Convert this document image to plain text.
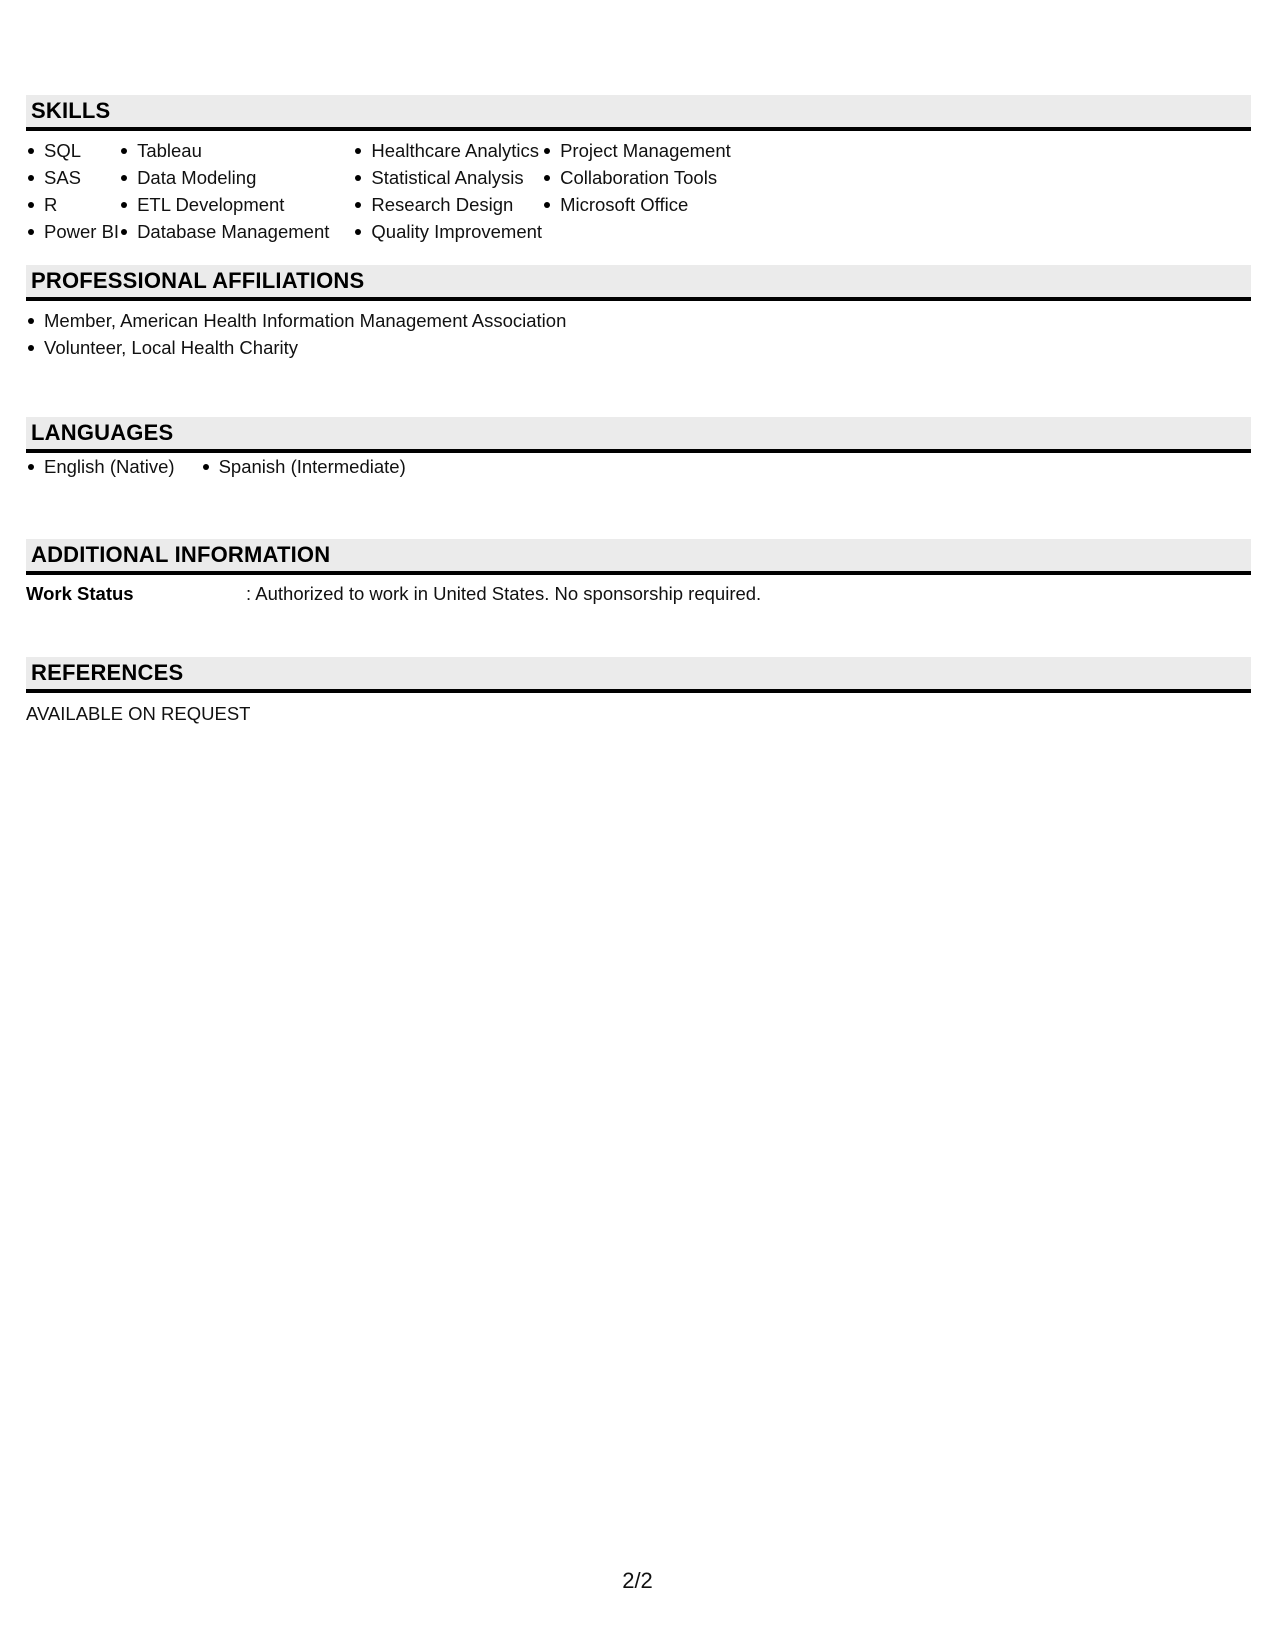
SKILLS
SQL
SAS
R
Power BI
Tableau
Data Modeling
ETL Development
Database Management
Healthcare Analytics
Statistical Analysis
Research Design
Quality Improvement
Project Management
Collaboration Tools
Microsoft Office
PROFESSIONAL AFFILIATIONS
Member, American Health Information Management Association
Volunteer, Local Health Charity
LANGUAGES
English (Native)	Spanish (Intermediate)
ADDITIONAL INFORMATION
Work Status	: Authorized to work in United States. No sponsorship required.
REFERENCES
AVAILABLE ON REQUEST
2/2
